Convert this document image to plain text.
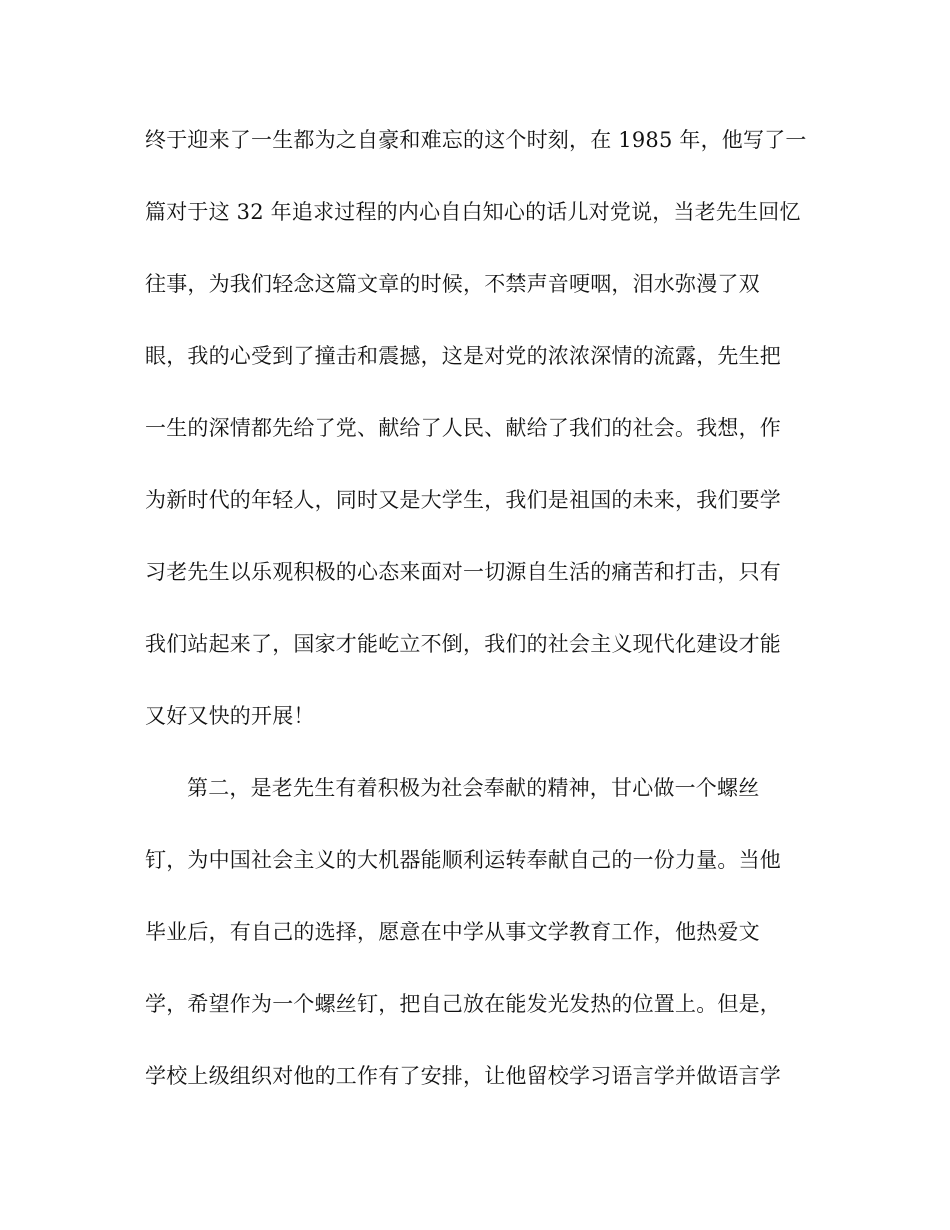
终于迎来了一生都为之自豪和难忘的这个时刻，在 1985 年，他写了一
篇对于这 32 年追求过程的内心自白知心的话儿对党说，当老先生回忆
往事，为我们轻念这篇文章的时候，不禁声音哽咽，泪水弥漫了双
眼，我的心受到了撞击和震撼，这是对党的浓浓深情的流露，先生把
一生的深情都先给了党、献给了人民、献给了我们的社会。我想，作
为新时代的年轻人，同时又是大学生，我们是祖国的未来，我们要学
习老先生以乐观积极的心态来面对一切源自生活的痛苦和打击，只有
我们站起来了，国家才能屹立不倒，我们的社会主义现代化建设才能
又好又快的开展！
第二，是老先生有着积极为社会奉献的精神，甘心做一个螺丝
钉，为中国社会主义的大机器能顺利运转奉献自己的一份力量。当他
毕业后，有自己的选择，愿意在中学从事文学教育工作，他热爱文
学，希望作为一个螺丝钉，把自己放在能发光发热的位置上。但是，
学校上级组织对他的工作有了安排，让他留校学习语言学并做语言学
